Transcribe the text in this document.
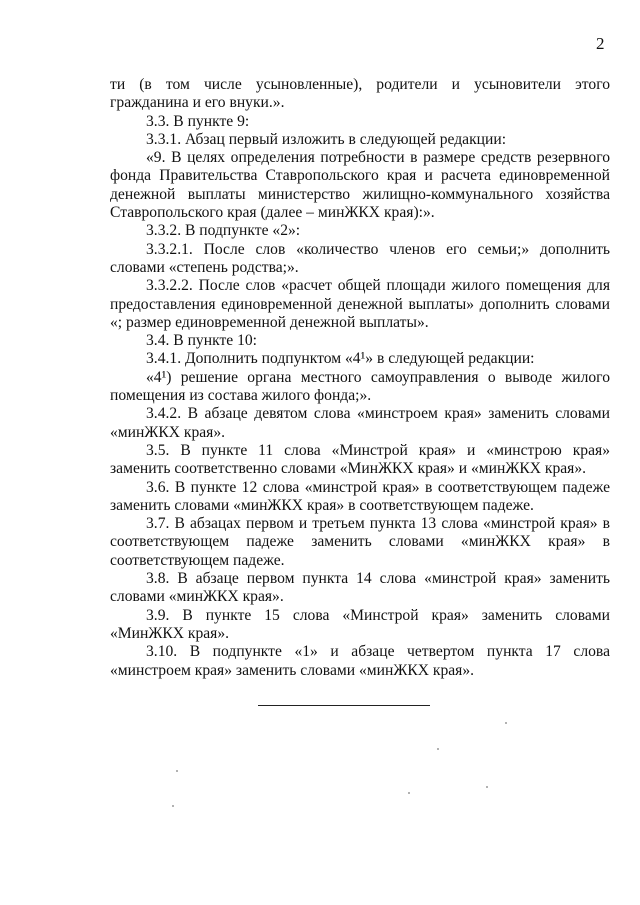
2

ти (в том числе усыновленные), родители и усыновители этого гражданина и его внуки.».

3.3. В пункте 9:

3.3.1. Абзац первый изложить в следующей редакции:

«9. В целях определения потребности в размере средств резервного фонда Правительства Ставропольского края и расчета единовременной денежной выплаты министерство жилищно-коммунального хозяйства Ставропольского края (далее – минЖКХ края):».

3.3.2. В подпункте «2»:

3.3.2.1. После слов «количество членов его семьи;» дополнить словами «степень родства;».

3.3.2.2. После слов «расчет общей площади жилого помещения для предоставления единовременной денежной выплаты» дополнить словами «; размер единовременной денежной выплаты».

3.4. В пункте 10:

3.4.1. Дополнить подпунктом «4¹» в следующей редакции:

«4¹) решение органа местного самоуправления о выводе жилого помещения из состава жилого фонда;».

3.4.2. В абзаце девятом слова «минстроем края» заменить словами «минЖКХ края».

3.5. В пункте 11 слова «Минстрой края» и «минстрою края» заменить соответственно словами «МинЖКХ края» и «минЖКХ края».

3.6. В пункте 12 слова «минстрой края» в соответствующем падеже заменить словами «минЖКХ края» в соответствующем падеже.

3.7. В абзацах первом и третьем пункта 13 слова «минстрой края» в соответствующем падеже заменить словами «минЖКХ края» в соответствующем падеже.

3.8. В абзаце первом пункта 14 слова «минстрой края» заменить словами «минЖКХ края».

3.9. В пункте 15 слова «Минстрой края» заменить словами «МинЖКХ края».

3.10. В подпункте «1» и абзаце четвертом пункта 17 слова «минстроем края» заменить словами «минЖКХ края».
